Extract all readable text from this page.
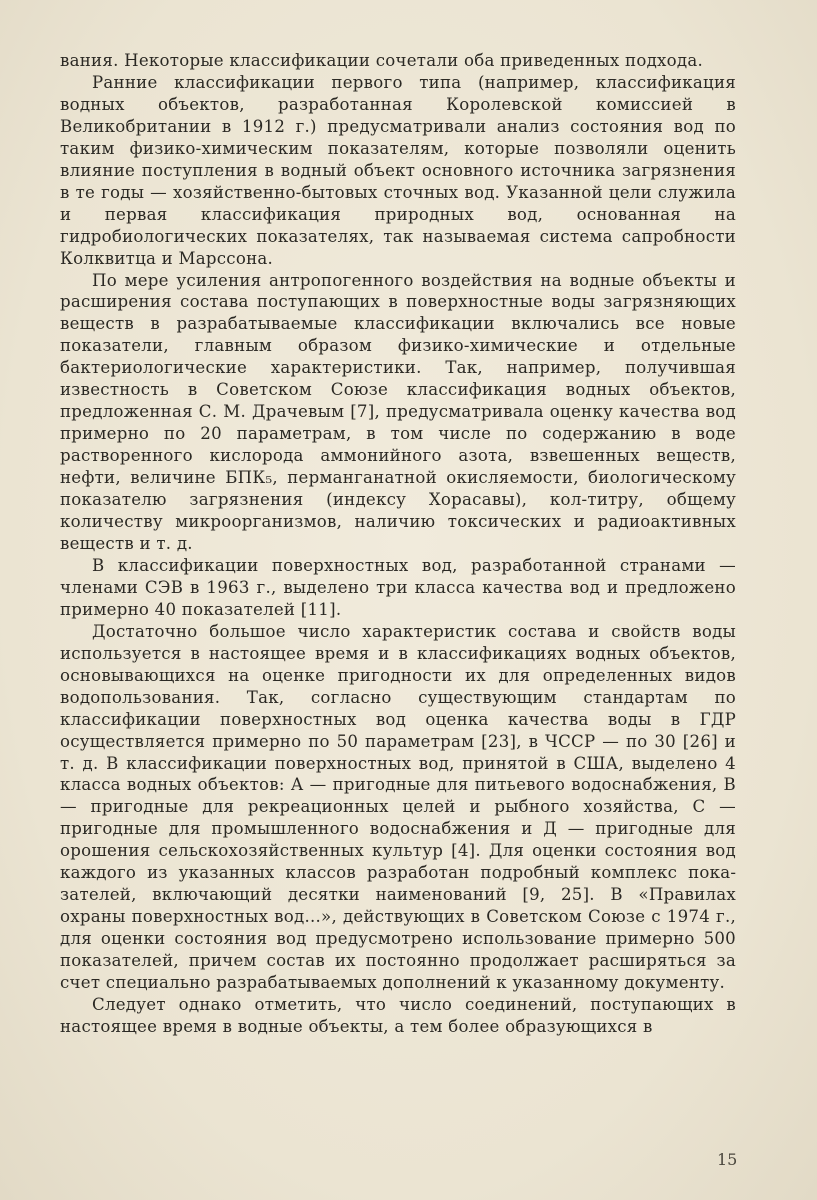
вания. Некоторые классификации сочетали оба приведенных подхода.

Ранние классификации первого типа (например, классификация водных объектов, разработанная Королевской комиссией в Великобритании в 1912 г.) предусматривали анализ состояния вод по таким физико-химическим показателям, которые позволяли оценить влияние поступления в водный объект основного источника загрязнения в те годы — хозяйственно-бытовых сточных вод. Указанной цели служила и первая классификация природных вод, основанная на гидробиологических показателях, так называемая система сапробности Колквитца и Марссона.

По мере усиления антропогенного воздействия на водные объекты и расширения состава поступающих в поверхностные воды загрязняющих веществ в разрабатываемые классификации включались все новые показатели, главным образом физико-химические и отдельные бактериологические характеристики. Так, например, получившая известность в Советском Союзе классификация водных объектов, предложенная С. М. Драчевым [7], предусматривала оценку качества вод примерно по 20 параметрам, в том числе по содержанию в воде растворенного кислорода аммонийного азота, взвешенных веществ, нефти, величине БПК₅, перманганатной окисляемости, биологическому показателю загрязнения (индексу Хорасавы), кол-титру, общему количеству микроорганизмов, наличию токсических и радиоактивных веществ и т. д.

В классификации поверхностных вод, разработанной странами — членами СЭВ в 1963 г., выделено три класса качества вод и предложено примерно 40 показателей [11].

Достаточно большое число характеристик состава и свойств воды используется в настоящее время и в классификациях водных объектов, основывающихся на оценке пригодности их для определенных видов водопользования. Так, согласно существующим стандартам по классификации поверхностных вод оценка качества воды в ГДР осуществляется примерно по 50 параметрам [23], в ЧССР — по 30 [26] и т. д. В классификации поверхностных вод, принятой в США, выделено 4 класса водных объектов: А — пригодные для питьевого водоснабжения, В — пригодные для рекреационных целей и рыбного хозяйства, С — пригодные для промышленного водоснабжения и Д — пригодные для орошения сельскохозяйственных культур [4]. Для оценки состояния вод каждого из указанных классов разработан подробный комплекс показателей, включающий десятки наименований [9, 25]. В «Правилах охраны поверхностных вод...», действующих в Советском Союзе с 1974 г., для оценки состояния вод предусмотрено использование примерно 500 показателей, причем состав их постоянно продолжает расширяться за счет специально разрабатываемых дополнений к указанному документу.

Следует однако отметить, что число соединений, поступающих в настоящее время в водные объекты, а тем более образующихся в

15
